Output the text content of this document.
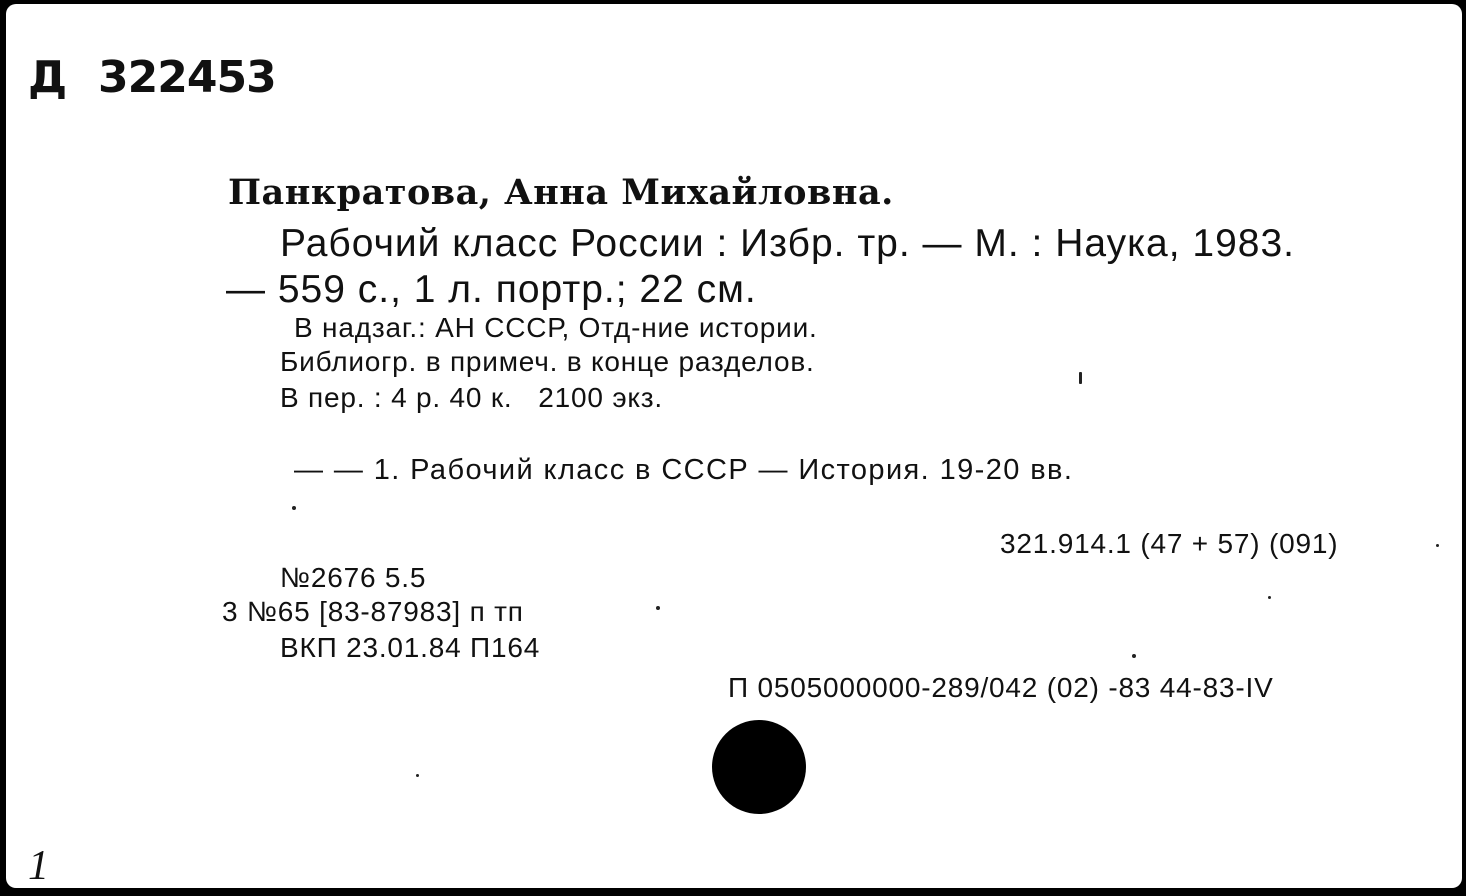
Д 322453
Панкратова, Анна Михайловна.
Рабочий класс России : Избр. тр. — М. : Наука, 1983.
— 559 с., 1 л. портр.; 22 см.
В надзаг.: АН СССР, Отд-ние истории.
Библиогр. в примеч. в конце разделов.
В пер. : 4 р. 40 к.   2100 экз.
— — 1. Рабочий класс в СССР — История. 19-20 вв.
321.914.1 (47 + 57) (091)
№2676 5.5
3 №65 [83-87983] п тп
ВКП 23.01.84 П164
П 0505000000-289/042 (02) -83 44-83-IV
1
